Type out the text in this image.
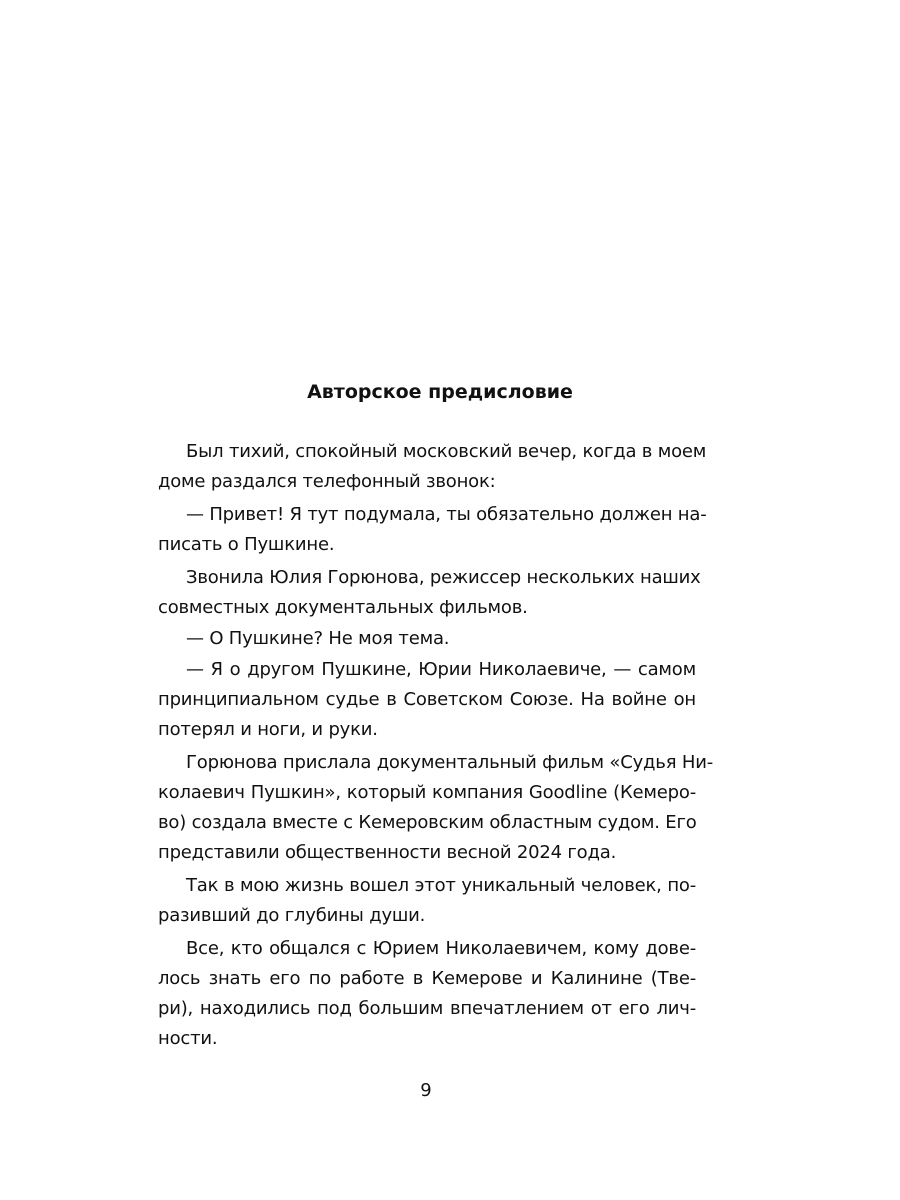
Авторское предисловие
Был тихий, спокойный московский вечер, когда в моем
доме раздался телефонный звонок:
— Привет! Я тут подумала, ты обязательно должен на-
писать о Пушкине.
Звонила Юлия Горюнова, режиссер нескольких наших
совместных документальных фильмов.
— О Пушкине? Не моя тема.
— Я о другом Пушкине, Юрии Николаевиче, — самом
принципиальном судье в Советском Союзе. На войне он
потерял и ноги, и руки.
Горюнова прислала документальный фильм «Судья Ни-
колаевич Пушкин», который компания Goodline (Кемеро-
во) создала вместе с Кемеровским областным судом. Его
представили общественности весной 2024 года.
Так в мою жизнь вошел этот уникальный человек, по-
разивший до глубины души.
Все, кто общался с Юрием Николаевичем, кому дове-
лось знать его по работе в Кемерове и Калинине (Тве-
ри), находились под большим впечатлением от его лич-
ности.
9
